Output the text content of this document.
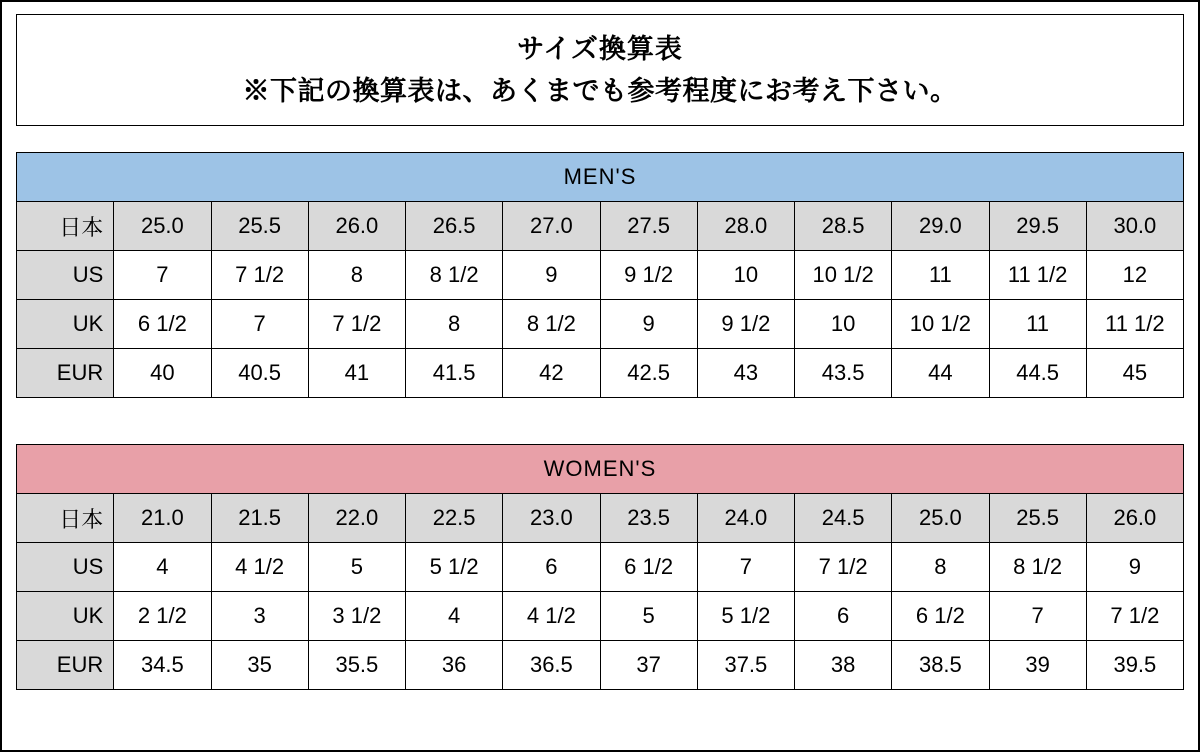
サイズ換算表
※下記の換算表は、あくまでも参考程度にお考え下さい。
MEN'S											
日本	25.0	25.5	26.0	26.5	27.0	27.5	28.0	28.5	29.0	29.5	30.0
US	7	7 1/2	8	8 1/2	9	9 1/2	10	10 1/2	11	11 1/2	12
UK	6 1/2	7	7 1/2	8	8 1/2	9	9 1/2	10	10 1/2	11	11 1/2
EUR	40	40.5	41	41.5	42	42.5	43	43.5	44	44.5	45
WOMEN'S											
日本	21.0	21.5	22.0	22.5	23.0	23.5	24.0	24.5	25.0	25.5	26.0
US	4	4 1/2	5	5 1/2	6	6 1/2	7	7 1/2	8	8 1/2	9
UK	2 1/2	3	3 1/2	4	4 1/2	5	5 1/2	6	6 1/2	7	7 1/2
EUR	34.5	35	35.5	36	36.5	37	37.5	38	38.5	39	39.5
